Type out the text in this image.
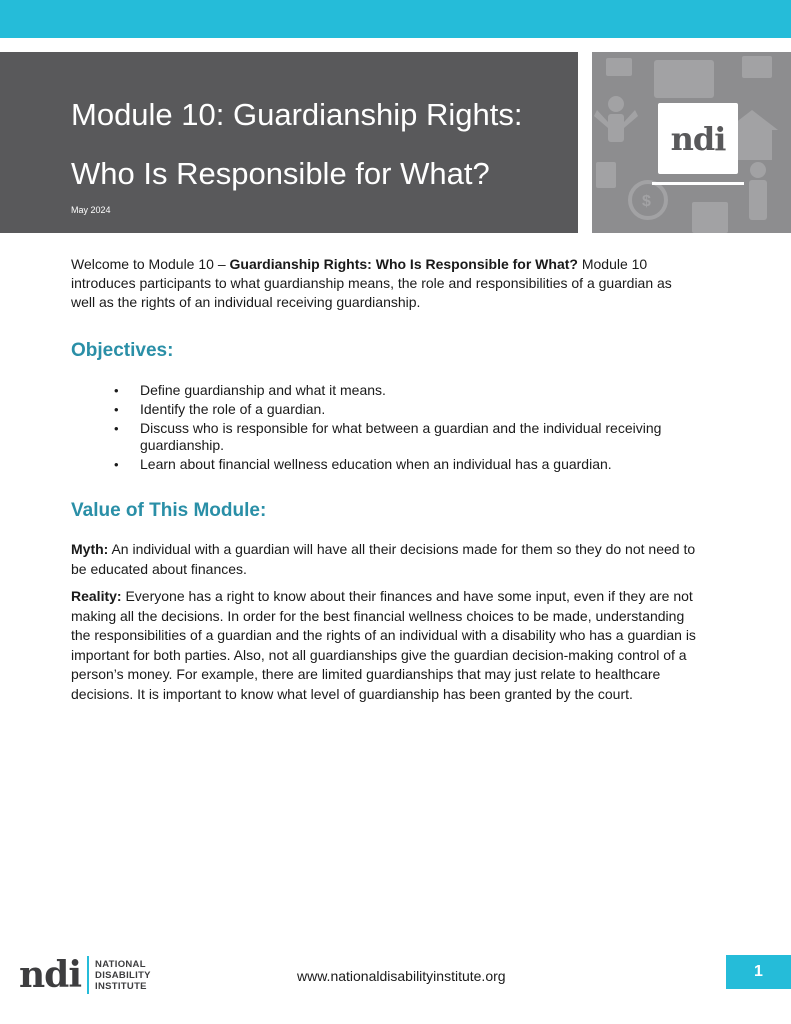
Module 10: Guardianship Rights:
Who Is Responsible for What?
May 2024	$
ndi

Welcome to Module 10 – Guardianship Rights: Who Is Responsible for What? Module 10 introduces participants to what guardianship means, the role and responsibilities of a guardian as well as the rights of an individual receiving guardianship.

Objectives:
• Define guardianship and what it means.
• Identify the role of a guardian.
• Discuss who is responsible for what between a guardian and the individual receiving guardianship.
• Learn about financial wellness education when an individual has a guardian.
Value of This Module:

Myth: An individual with a guardian will have all their decisions made for them so they do not need to be educated about finances.

Reality: Everyone has a right to know about their finances and have some input, even if they are not making all the decisions. In order for the best financial wellness choices to be made, understanding the responsibilities of a guardian and the rights of an individual with a disability who has a guardian is important for both parties. Also, not all guardianships give the guardian decision-making control of a person’s money. For example, there are limited guardianships that may just relate to healthcare decisions. It is important to know what level of guardianship has been granted by the court.

ndi NATIONAL
DISABILITY
INSTITUTE
www.nationaldisabilityinstitute.org	1
